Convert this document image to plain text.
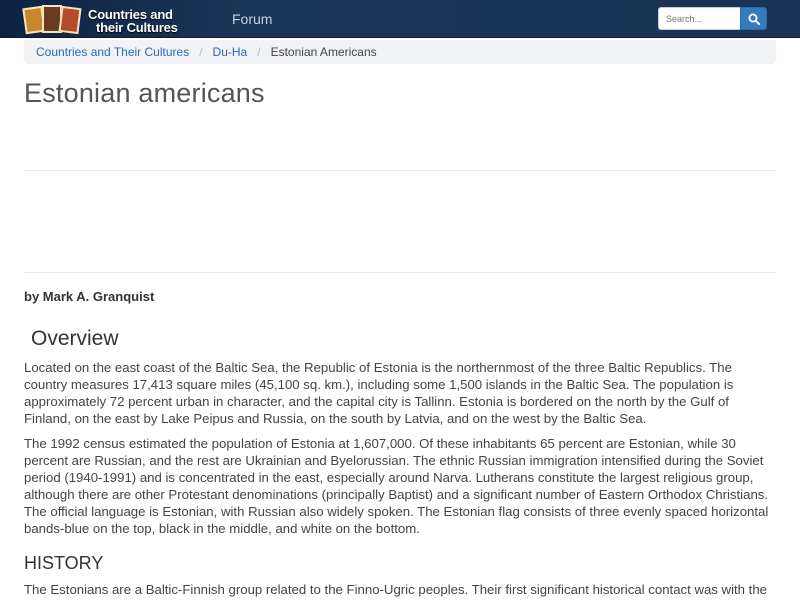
Countries and
their Cultures
Forum
Search...
Countries and Their Cultures / Du-Ha / Estonian Americans
Estonian americans
by Mark A. Granquist
Overview

Located on the east coast of the Baltic Sea, the Republic of Estonia is the northernmost of the three Baltic Republics. The country measures 17,413 square miles (45,100 sq. km.), including some 1,500 islands in the Baltic Sea. The population is approximately 72 percent urban in character, and the capital city is Tallinn. Estonia is bordered on the north by the Gulf of Finland, on the east by Lake Peipus and Russia, on the south by Latvia, and on the west by the Baltic Sea.

The 1992 census estimated the population of Estonia at 1,607,000. Of these inhabitants 65 percent are Estonian, while 30 percent are Russian, and the rest are Ukrainian and Byelorussian. The ethnic Russian immigration intensified during the Soviet period (1940-1991) and is concentrated in the east, especially around Narva. Lutherans constitute the largest religious group, although there are other Protestant denominations (principally Baptist) and a significant number of Eastern Orthodox Christians. The official language is Estonian, with Russian also widely spoken. The Estonian flag consists of three evenly spaced horizontal bands-blue on the top, black in the middle, and white on the bottom.

HISTORY

The Estonians are a Baltic-Finnish group related to the Finno-Ugric peoples. Their first significant historical contact was with the
